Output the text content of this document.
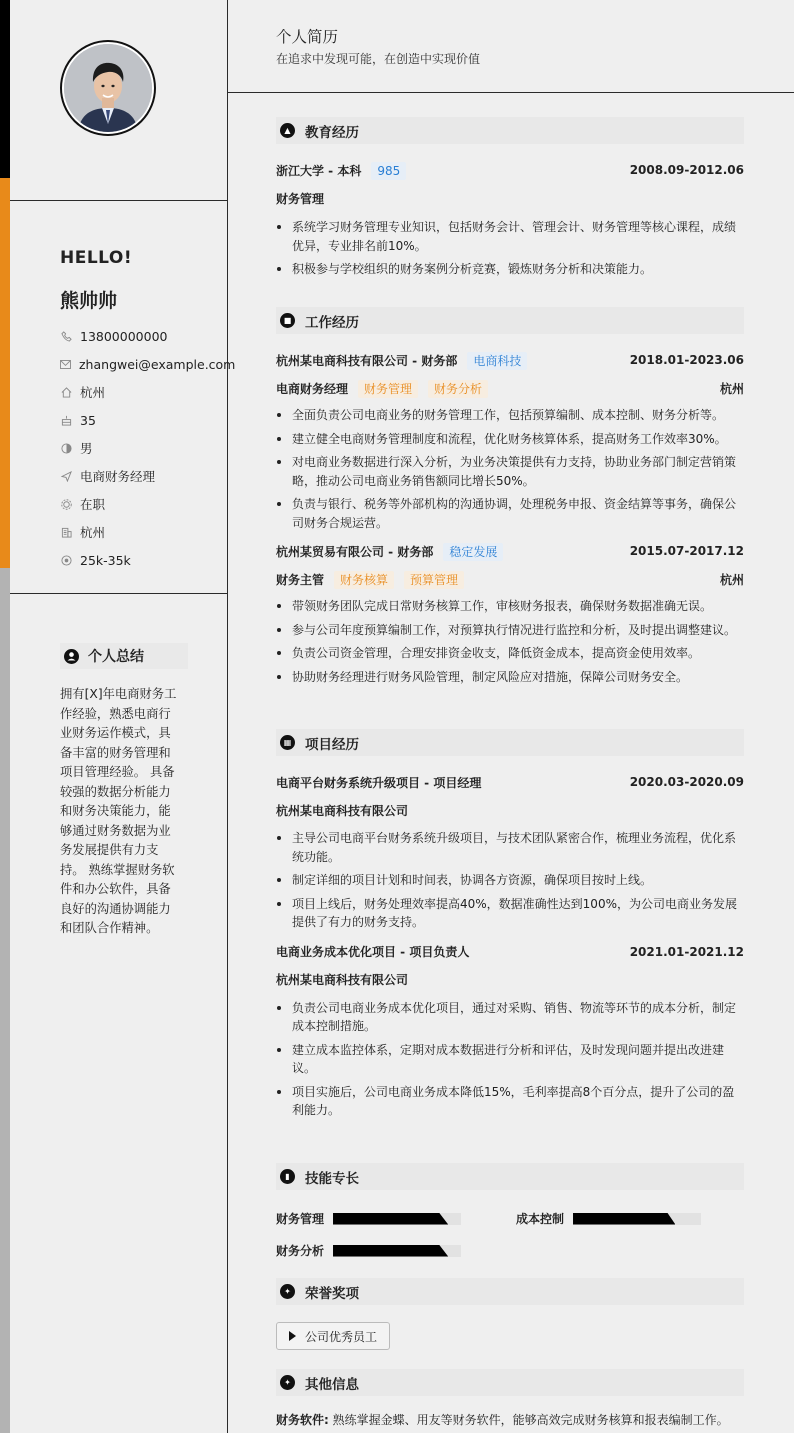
HELLO!
熊帅帅
13800000000
zhangwei@example.com
杭州
35
男
电商财务经理
在职
杭州
25k-35k
个人总结
拥有[X]年电商财务工作经验，熟悉电商行业财务运作模式，具备丰富的财务管理和项目管理经验。 具备较强的数据分析能力和财务决策能力，能够通过财务数据为业务发展提供有力支持。 熟练掌握财务软件和办公软件，具备良好的沟通协调能力和团队合作精神。
个人简历
在追求中发现可能，在创造中实现价值
▲	教育经历
浙江大学 - 本科 985	2008.09-2012.06
财务管理
系统学习财务管理专业知识，包括财务会计、管理会计、财务管理等核心课程，成绩优异，专业排名前10%。
积极参与学校组织的财务案例分析竞赛，锻炼财务分析和决策能力。
■ 工作经历
杭州某电商科技有限公司 - 财务部 电商科技	2018.01-2023.06
电商财务经理 财务管理 财务分析	杭州
全面负责公司电商业务的财务管理工作，包括预算编制、成本控制、财务分析等。
建立健全电商财务管理制度和流程，优化财务核算体系，提高财务工作效率30%。
对电商业务数据进行深入分析，为业务决策提供有力支持，协助业务部门制定营销策略，推动公司电商业务销售额同比增长50%。
负责与银行、税务等外部机构的沟通协调，处理税务申报、资金结算等事务，确保公司财务合规运营。
杭州某贸易有限公司 - 财务部 稳定发展	2015.07-2017.12
财务主管 财务核算 预算管理	杭州
带领财务团队完成日常财务核算工作，审核财务报表，确保财务数据准确无误。
参与公司年度预算编制工作，对预算执行情况进行监控和分析，及时提出调整建议。
负责公司资金管理，合理安排资金收支，降低资金成本，提高资金使用效率。
协助财务经理进行财务风险管理，制定风险应对措施，保障公司财务安全。
▦ 项目经历
电商平台财务系统升级项目 - 项目经理	2020.03-2020.09
杭州某电商科技有限公司
主导公司电商平台财务系统升级项目，与技术团队紧密合作，梳理业务流程，优化系统功能。
制定详细的项目计划和时间表，协调各方资源，确保项目按时上线。
项目上线后，财务处理效率提高40%，数据准确性达到100%，为公司电商业务发展提供了有力的财务支持。
电商业务成本优化项目 - 项目负责人	2021.01-2021.12
杭州某电商科技有限公司
负责公司电商业务成本优化项目，通过对采购、销售、物流等环节的成本分析，制定成本控制措施。
建立成本监控体系，定期对成本数据进行分析和评估，及时发现问题并提出改进建议。
项目实施后，公司电商业务成本降低15%，毛利率提高8个百分点，提升了公司的盈利能力。
▮	技能专长
财务管理	成本控制
财务分析
✦	荣誉奖项
公司优秀员工
✦	其他信息
财务软件: 熟练掌握金蝶、用友等财务软件，能够高效完成财务核算和报表编制工作。
